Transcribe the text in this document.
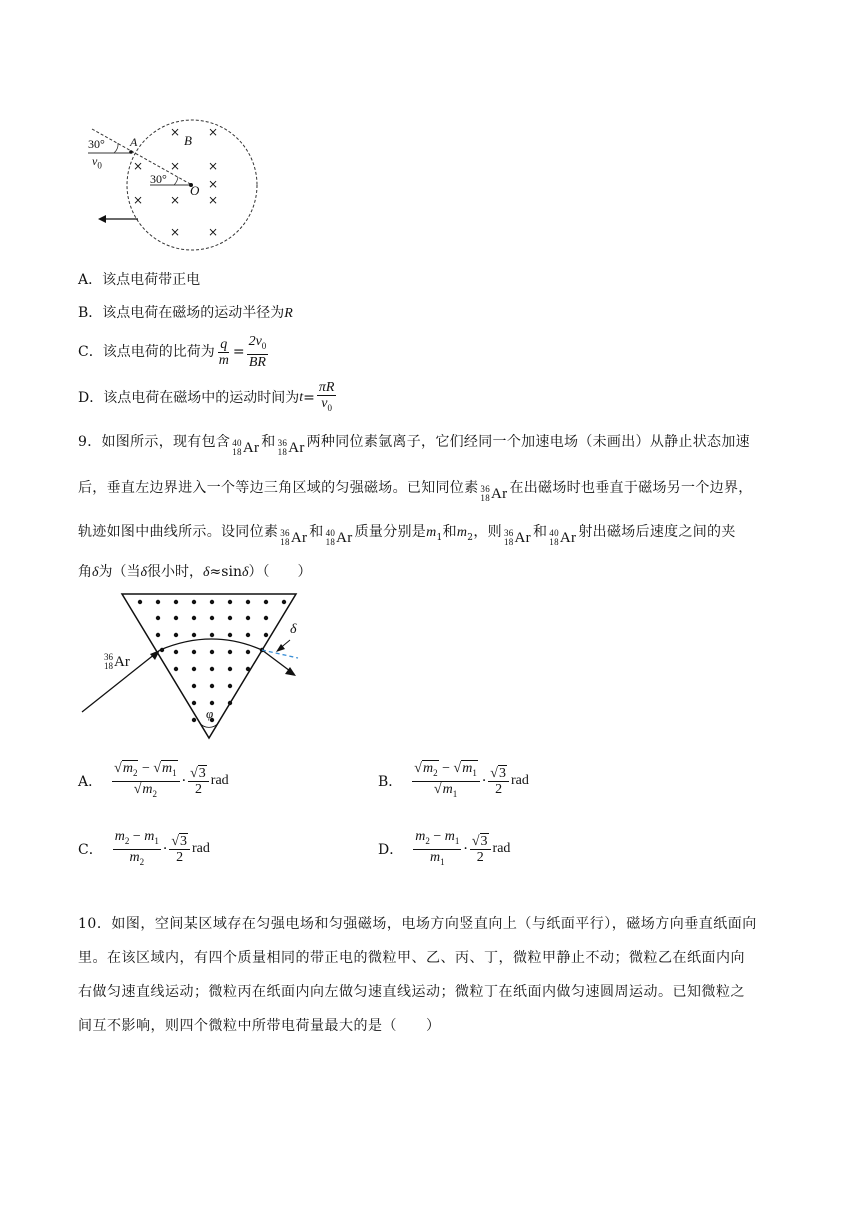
A	B
O
30°
30°
$v_0$
× ×
× × ×
×
× × ×
× ×
A．该点电荷带正电
B．该点电荷在磁场的运动半径为R
C． 该点电荷的比荷为 $\frac{q}{m} = \frac{2v_0}{BR}$
D． 该点电荷在磁场中的运动时间为 $t = \frac{\pi R}{v_0}$
9．如图所示，现有包含 40
18 Ar 和 36
18 Ar 两种同位素氩离子，它们经同一个加速电场（未画出）从静止状态加速
后，垂直左边界进入一个等边三角区域的匀强磁场。已知同位素 36
18 Ar 在出磁场时也垂直于磁场另一个边界，
轨迹如图中曲线所示。设同位素 36
18 Ar 和 40
18 Ar 质量分别是$m_1$和$m_2$，则 36
18 Ar 和 40
18 Ar 射出磁场后速度之间的夹
角δ为（当δ很小时，δ≈sinδ）（　　）
36
18 Ar
δ
φ
A． $\frac{√m_2 - √m_1}{√m_2} \cdot \frac{√3}{2}$ rad	B． $\frac{√m_2 - √m_1}{√m_1} \cdot \frac{√3}{2}$ rad
C． $\frac{m_2 - m_1}{m_2} \cdot \frac{√3}{2}$ rad	D． $\frac{m_2 - m_1}{m_1} \cdot \frac{√3}{2}$ rad
10．如图，空间某区域存在匀强电场和匀强磁场，电场方向竖直向上（与纸面平行），磁场方向垂直纸面向
里。在该区域内，有四个质量相同的带正电的微粒甲、乙、丙、丁，微粒甲静止不动；微粒乙在纸面内向
右做匀速直线运动；微粒丙在纸面内向左做匀速直线运动；微粒丁在纸面内做匀速圆周运动。已知微粒之
间互不影响，则四个微粒中所带电荷量最大的是（　　）
